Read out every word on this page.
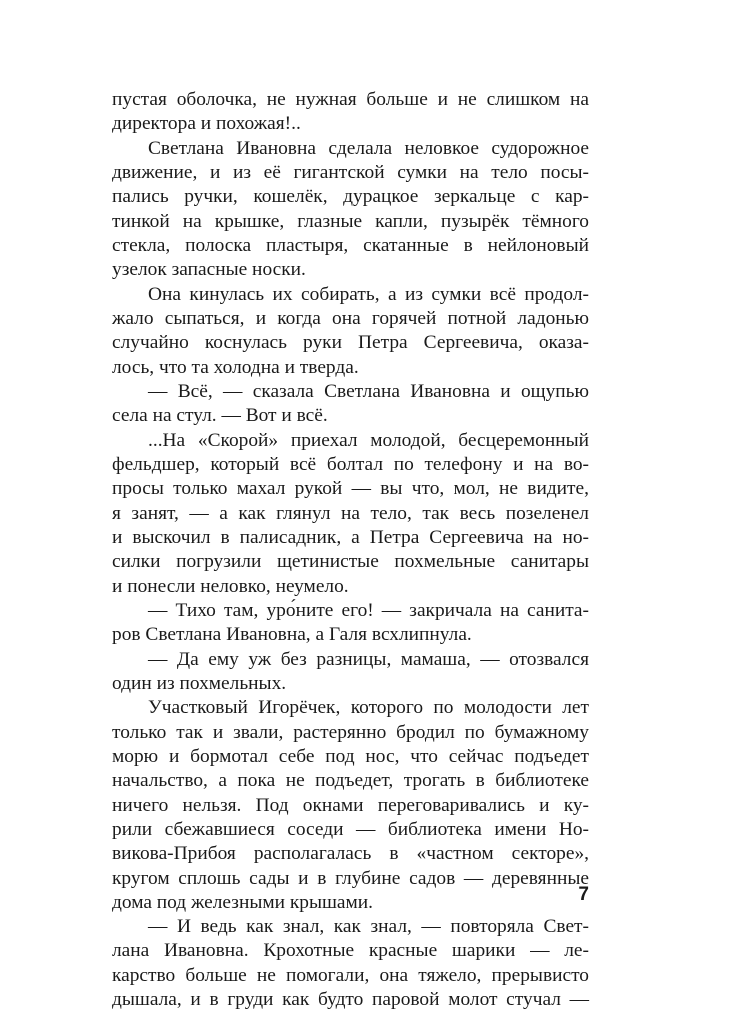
пустая оболочка, не нужная больше и не слишком на
директора и похожая!..
Светлана Ивановна сделала неловкое судорожное
движение, и из её гигантской сумки на тело посы-
пались ручки, кошелёк, дурацкое зеркальце с кар-
тинкой на крышке, глазные капли, пузырёк тёмного
стекла, полоска пластыря, скатанные в нейлоновый
узелок запасные носки.
Она кинулась их собирать, а из сумки всё продол-
жало сыпаться, и когда она горячей потной ладонью
случайно коснулась руки Петра Сергеевича, оказа-
лось, что та холодна и тверда.
— Всё, — сказала Светлана Ивановна и ощупью
села на стул. — Вот и всё.
...На «Скорой» приехал молодой, бесцеремонный
фельдшер, который всё болтал по телефону и на во-
просы только махал рукой — вы что, мол, не видите,
я занят, — а как глянул на тело, так весь позеленел
и выскочил в палисадник, а Петра Сергеевича на но-
силки погрузили щетинистые похмельные санитары
и понесли неловко, неумело.
— Тихо там, уро́ните его! — закричала на санита-
ров Светлана Ивановна, а Галя всхлипнула.
— Да ему уж без разницы, мамаша, — отозвался
один из похмельных.
Участковый Игорёчек, которого по молодости лет
только так и звали, растерянно бродил по бумажному
морю и бормотал себе под нос, что сейчас подъедет
начальство, а пока не подъедет, трогать в библиотеке
ничего нельзя. Под окнами переговаривались и ку-
рили сбежавшиеся соседи — библиотека имени Но-
викова-Прибоя располагалась в «частном секторе»,
кругом сплошь сады и в глубине садов — деревянные
дома под железными крышами.
— И ведь как знал, как знал, — повторяла Свет-
лана Ивановна. Крохотные красные шарики — ле-
карство больше не помогали, она тяжело, прерывисто
дышала, и в груди как будто паровой молот стучал —
7
